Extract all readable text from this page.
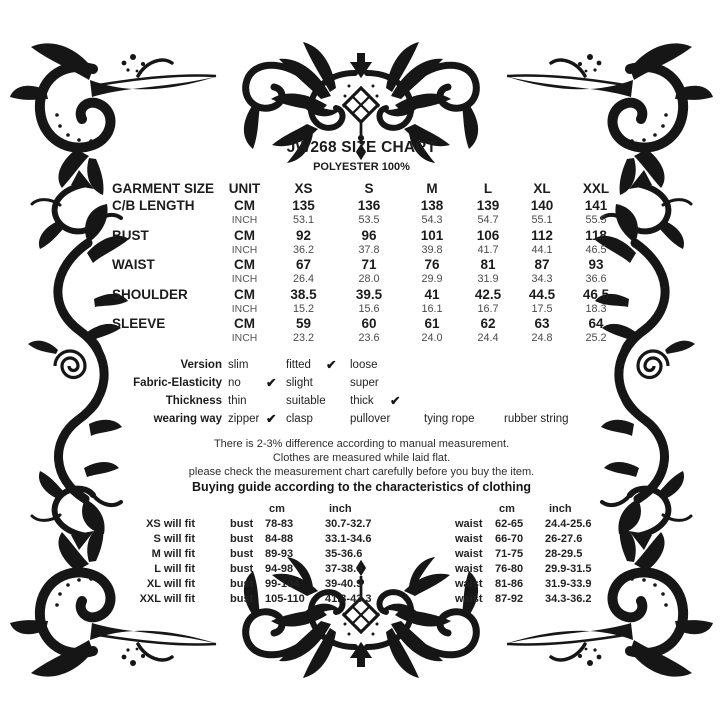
JW268 SIZE CHART
POLYESTER 100%
GARMENT SIZE	UNIT	XS	S	M	L	XL	XXL
C/B LENGTH	CM	135	136	138	139	140	141
INCH	53.1	53.5	54.3	54.7	55.1	55.5
BUST	CM	92	96	101	106	112	118
INCH	36.2	37.8	39.8	41.7	44.1	46.5
WAIST	CM	67	71	76	81	87	93
INCH	26.4	28.0	29.9	31.9	34.3	36.6
SHOULDER	CM	38.5	39.5	41	42.5	44.5	46.5
INCH	15.2	15.6	16.1	16.7	17.5	18.3
SLEEVE	CM	59	60	61	62	63	64
INCH	23.2	23.6	24.0	24.4	24.8	25.2
Version slim	fitted ✔ loose
Fabric-Elasticity no ✔ slight	super
Thickness thin	suitable thick ✔
wearing way zipper ✔ clasp	pullover	tying rope	rubber string
There is 2-3% difference according to manual measurement.
Clothes are measured while laid flat.
please check the measurement chart carefully before you buy the item.
Buying guide according to the characteristics of clothing
cm	inch	cm	inch
XS will fit	bust	78-83	30.7-32.7	waist	62-65	24.4-25.6
S will fit	bust	84-88	33.1-34.6	waist	66-70	26-27.6
M will fit	bust	89-93	35-36.6	waist	71-75	28-29.5
L will fit	bust	94-98	37-38.6	waist	76-80	29.9-31.5
XL will fit	bust	99-104	39-40.9	waist	81-86	31.9-33.9
XXL will fit	bust	105-110	41.3-43.3	waist	87-92	34.3-36.2
